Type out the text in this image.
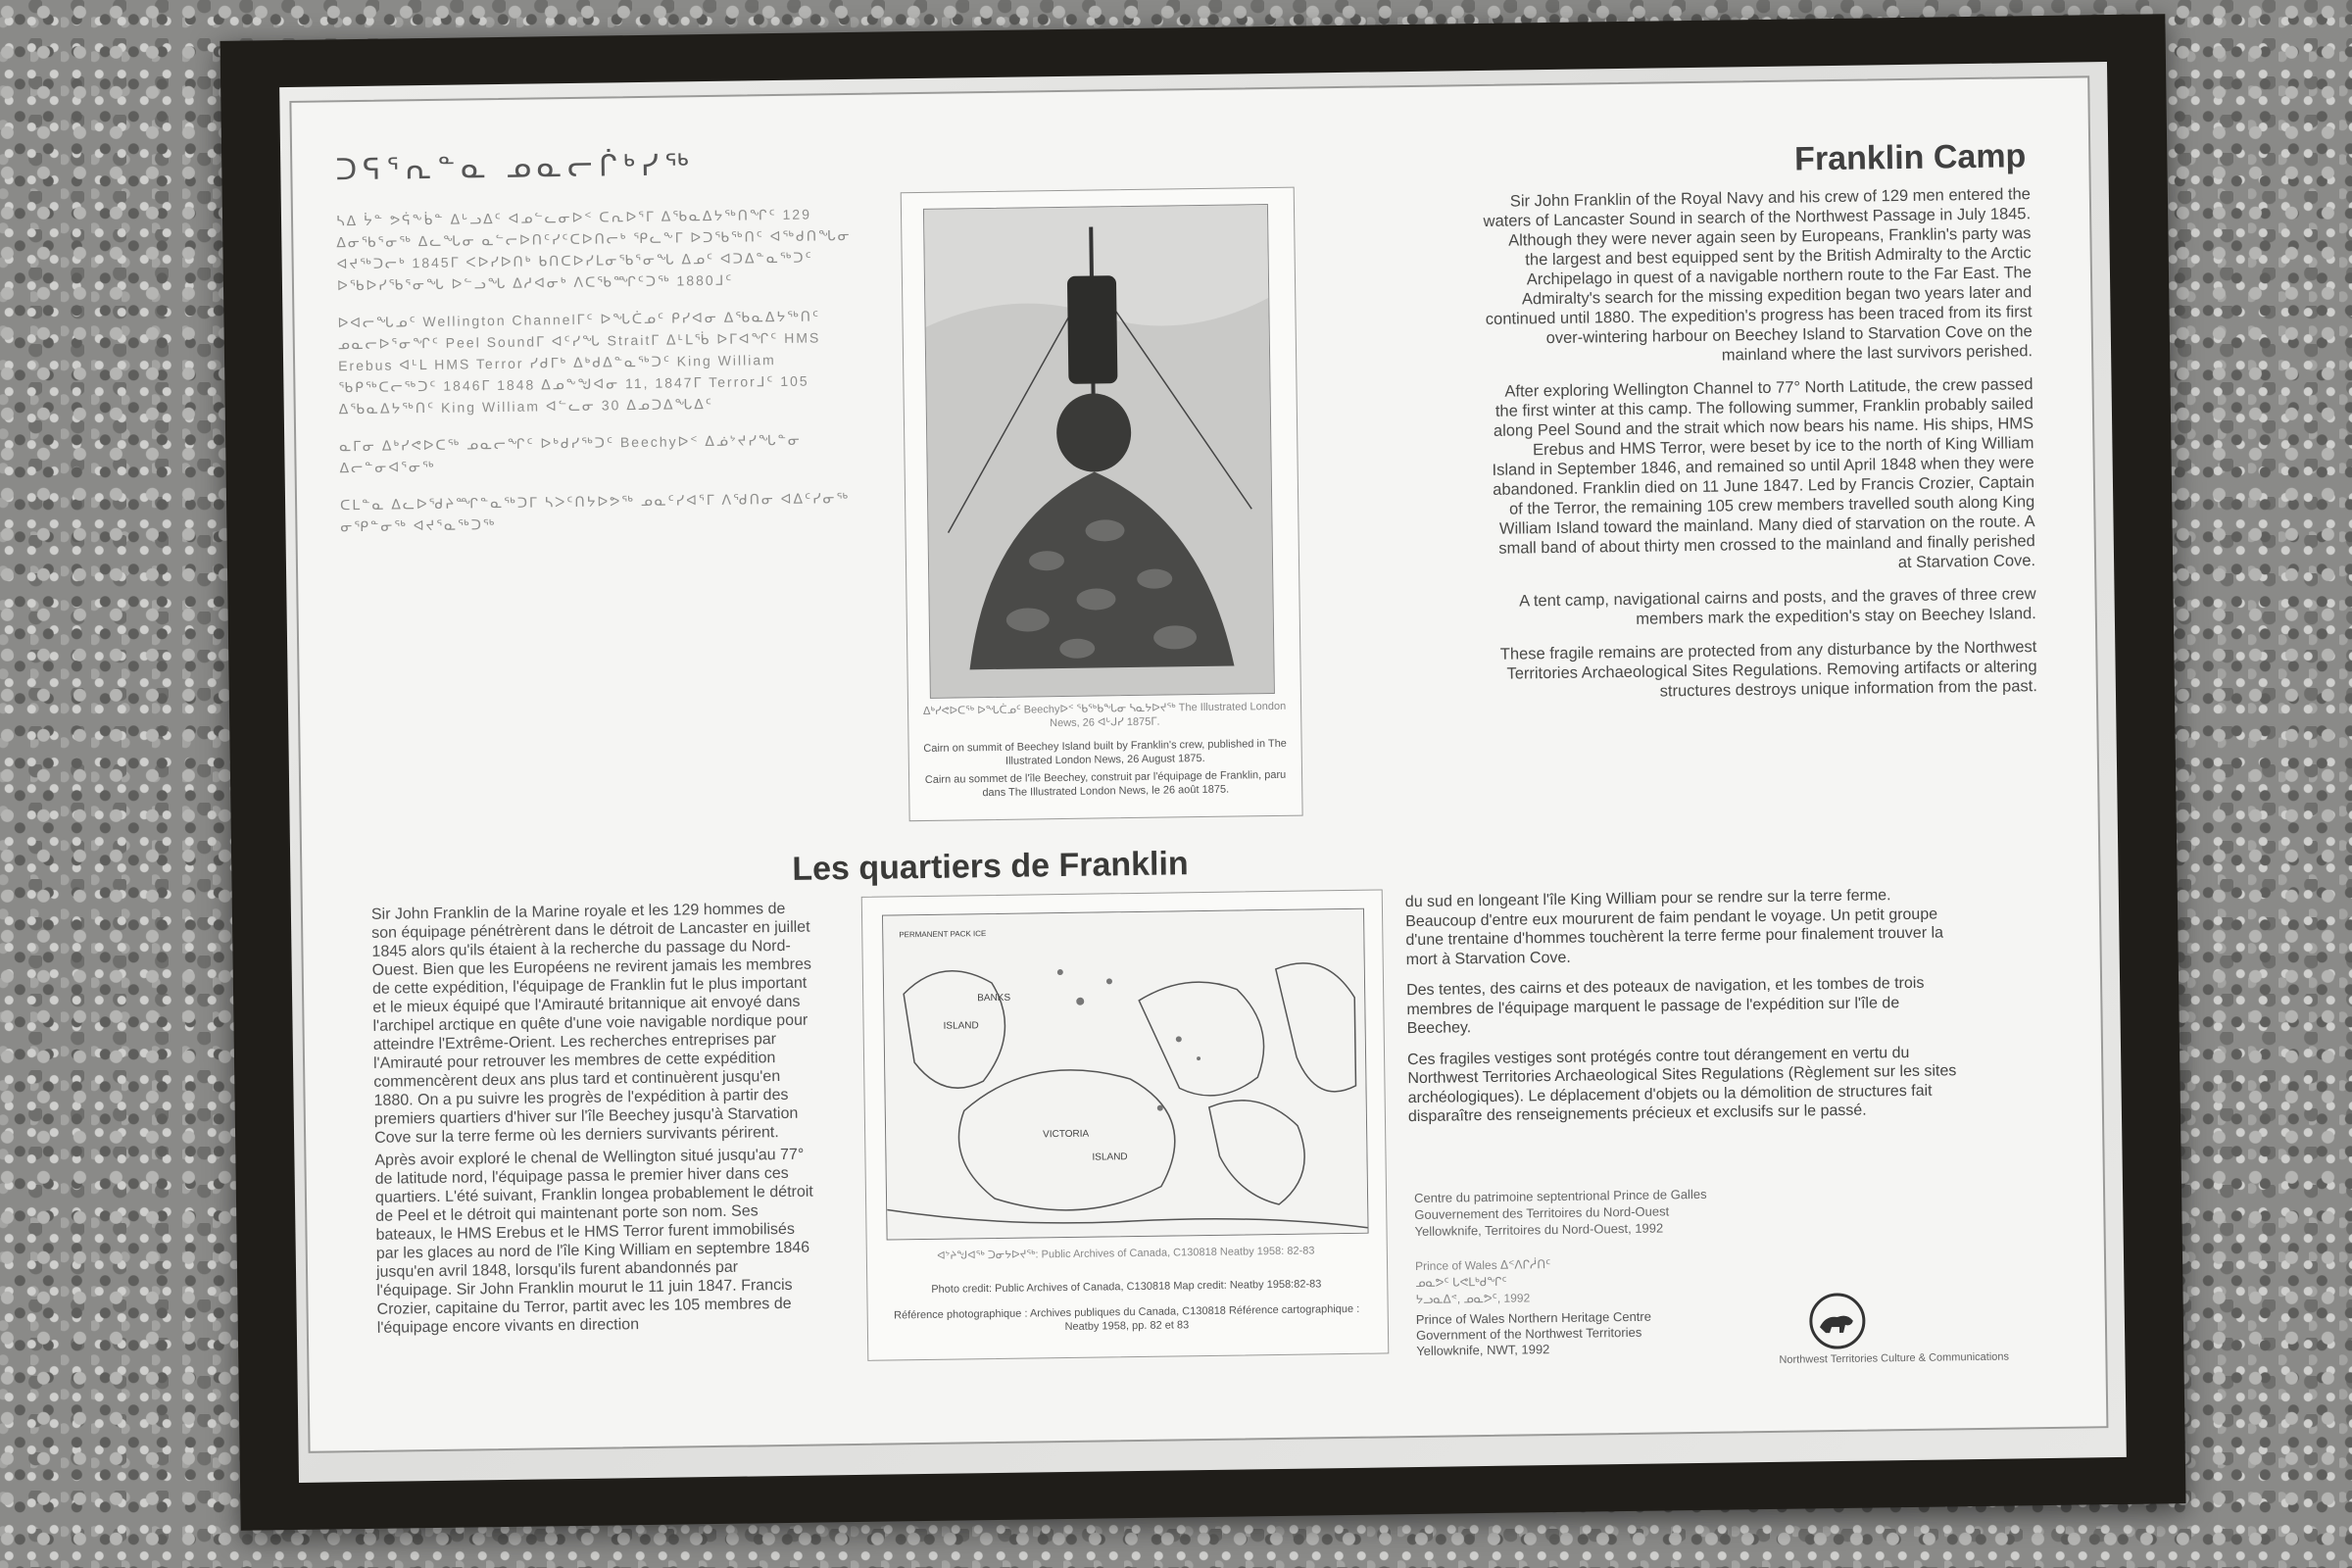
ᑐᕋᕐᕆᓐᓇ ᓄᓇᓕᒌᒃᓯᖅ

ᓴᐃ ᔮᓐ ᕗᕌᖕᑳᓐ ᐃᒡᓗᐃᑦ ᐊᓄᓪᓚᓂᐅᑉ ᑕᕆᐅᕐᒥ ᐃᖃᓇᐃᔭᖅᑎᖏᑦ 129 ᐃᓂᖃᕐᓂᖅ ᐃᓚᖓᓂ ᓇᓪᓕᐅᑎᑦᓯᑦᑕᐅᑎᓕᒃ ᕿᓚᖕᒥ ᐅᑐᖃᖅᑎᑦ ᐊᖅᑯᑎᖓᓂ ᐊᔪᖅᑐᓕᒃ 1845ᒥ ᐸᐅᓯᐅᑎᒃ ᑲᑎᑕᐅᓯᒪᓂᖃᕐᓂᖓ ᐃᓄᑦ ᐊᑐᐃᓐᓇᖅᑐᑦ ᐅᖃᐅᓯᖃᕐᓂᖓ ᐅᓪᓗᖓ ᐃᓱᐊᓂᒃ ᐱᑕᖃᙱᑦᑐᖅ 1880ᒧᑦ

ᐅᐊᓕᖓᓄᑦ Wellington Channelᒥᑦ ᐅᖓᑖᓄᑦ ᑭᓯᐊᓂ ᐃᖃᓇᐃᔭᖅᑎᑦ ᓄᓇᓕᐅᕐᓂᖏᑦ Peel Soundᒥ ᐊᑦᓯᖓ Straitᒥ ᐃᒻᒪᖄ ᐅᒥᐊᖏᑦ HMS Erebus ᐊᒻᒪ HMS Terror ᓯᑯᒥᒃ ᐃᒃᑯᐃᓐᓇᖅᑐᑦ King William ᖃᑭᖅᑕᓕᖅᑐᑦ 1846ᒥ 1848 ᐃᓄᖕᖑᐊᓂ 11, 1847ᒥ Terrorᒧᑦ 105 ᐃᖃᓇᐃᔭᖅᑎᑦ King William ᐊᓪᓚᓂ 30 ᐃᓄᑐᐃᖓᐃᑦ

ᓇᒥᓂ ᐃᒃᓯᕙᐅᑕᖅ ᓄᓇᓕᖏᑦ ᐅᒃᑯᓯᖅᑐᑦ Beechyᐅᑉ ᐃᓅᔾᔪᓯᖓᓐᓂ ᐃᓕᓐᓂᐊᕐᓂᖅ

ᑕᒪᓐᓇ ᐃᓚᐅᖁᔨᙱᓐᓇᖅᑐᒥ ᓴᐳᑦᑎᔭᐅᕗᖅ ᓄᓇᑦᓯᐊᕐᒥ ᐱᖁᑎᓂ ᐊᐃᑦᓯᓂᖅ ᓂᕿᓐᓂᖅ ᐊᔪᕐᓇᖅᑐᖅ

Franklin Camp

Sir John Franklin of the Royal Navy and his crew of 129 men entered the waters of Lancaster Sound in search of the Northwest Passage in July 1845. Although they were never again seen by Europeans, Franklin's party was the largest and best equipped sent by the British Admiralty to the Arctic Archipelago in quest of a navigable northern route to the Far East. The Admiralty's search for the missing expedition began two years later and continued until 1880. The expedition's progress has been traced from its first over-wintering harbour on Beechey Island to Starvation Cove on the mainland where the last survivors perished.

After exploring Wellington Channel to 77° North Latitude, the crew passed the first winter at this camp. The following summer, Franklin probably sailed along Peel Sound and the strait which now bears his name. His ships, HMS Erebus and HMS Terror, were beset by ice to the north of King William Island in September 1846, and remained so until April 1848 when they were abandoned. Franklin died on 11 June 1847. Led by Francis Crozier, Captain of the Terror, the remaining 105 crew members travelled south along King William Island toward the mainland. Many died of starvation on the route. A small band of about thirty men crossed to the mainland and finally perished at Starvation Cove.

A tent camp, navigational cairns and posts, and the graves of three crew members mark the expedition's stay on Beechey Island.

These fragile remains are protected from any disturbance by the Northwest Territories Archaeological Sites Regulations. Removing artifacts or altering structures destroys unique information from the past.

ᐃᒃᓯᕙᐅᑕᖅ ᐅᖓᑖᓄᑦ Beechyᐅᑉ ᖃᖅᑲᖓᓂ ᓴᓇᔭᐅᔪᖅ The Illustrated London News, 26 ᐊᒡᒍᓯ 1875ᒥ.
Cairn on summit of Beechey Island built by Franklin's crew, published in The Illustrated London News, 26 August 1875.
Cairn au sommet de l'île Beechey, construit par l'équipage de Franklin, paru dans The Illustrated London News, le 26 août 1875.
Les quartiers de Franklin

Sir John Franklin de la Marine royale et les 129 hommes de son équipage pénétrèrent dans le détroit de Lancaster en juillet 1845 alors qu'ils étaient à la recherche du passage du Nord-Ouest. Bien que les Européens ne revirent jamais les membres de cette expédition, l'équipage de Franklin fut le plus important et le mieux équipé que l'Amirauté britannique ait envoyé dans l'archipel arctique en quête d'une voie navigable nordique pour atteindre l'Extrême-Orient. Les recherches entreprises par l'Amirauté pour retrouver les membres de cette expédition commencèrent deux ans plus tard et continuèrent jusqu'en 1880. On a pu suivre les progrès de l'expédition à partir des premiers quartiers d'hiver sur l'île Beechey jusqu'à Starvation Cove sur la terre ferme où les derniers survivants périrent.

Après avoir exploré le chenal de Wellington situé jusqu'au 77° de latitude nord, l'équipage passa le premier hiver dans ces quartiers. L'été suivant, Franklin longea probablement le détroit de Peel et le détroit qui maintenant porte son nom. Ses bateaux, le HMS Erebus et le HMS Terror furent immobilisés par les glaces au nord de l'île King William en septembre 1846 jusqu'en avril 1848, lorsqu'ils furent abandonnés par l'équipage. Sir John Franklin mourut le 11 juin 1847. Francis Crozier, capitaine du Terror, partit avec les 105 membres de l'équipage encore vivants en direction

BANKS
ISLAND
VICTORIA
ISLAND
PERMANENT PACK ICE
ᐊᔾᔨᖑᐊᖅ ᑐᓂᔭᐅᔪᖅ: Public Archives of Canada, C130818 Neatby 1958: 82-83
Photo credit: Public Archives of Canada, C130818 Map credit: Neatby 1958:82-83
Référence photographique : Archives publiques du Canada, C130818 Référence cartographique : Neatby 1958, pp. 82 et 83

du sud en longeant l'île King William pour se rendre sur la terre ferme. Beaucoup d'entre eux moururent de faim pendant le voyage. Un petit groupe d'une trentaine d'hommes touchèrent la terre ferme pour finalement trouver la mort à Starvation Cove.

Des tentes, des cairns et des poteaux de navigation, et les tombes de trois membres de l'équipage marquent le passage de l'expédition sur l'île de Beechey.

Ces fragiles vestiges sont protégés contre tout dérangement en vertu du Northwest Territories Archaeological Sites Regulations (Règlement sur les sites archéologiques). Le déplacement d'objets ou la démolition de structures fait disparaître des renseignements précieux et exclusifs sur le passé.

Centre du patrimoine septentrional Prince de Galles
Gouvernement des Territoires du Nord-Ouest
Yellowknife, Territoires du Nord-Ouest, 1992
Prince of Wales ᐃᑉᐱᒋᓲᑎᑦ
ᓄᓇᕗᑦ ᒐᕙᒪᒃᑯᖏᑦ
ᔭᓗᓇᐃᕝ, ᓄᓇᕗᑦ, 1992
Prince of Wales Northern Heritage Centre
Government of the Northwest Territories
Yellowknife, NWT, 1992
Northwest Territories Culture & Communications
